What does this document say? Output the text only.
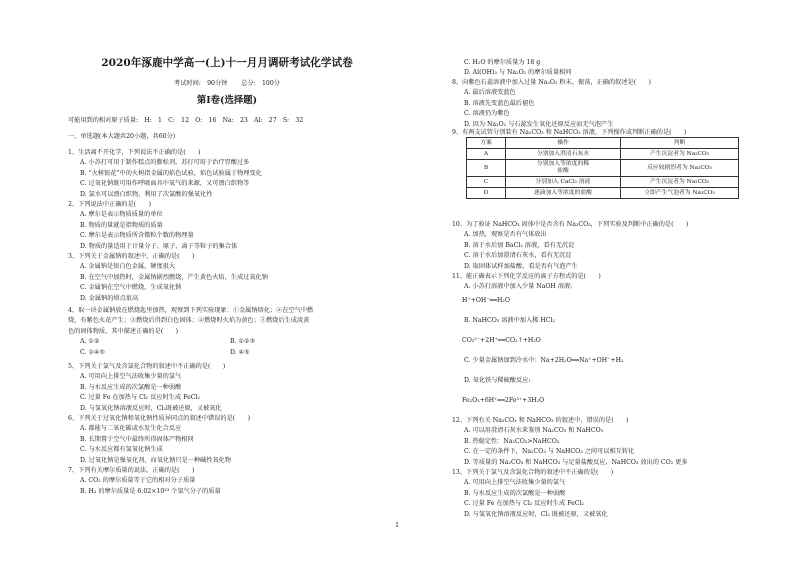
2020年涿鹿中学高一(上)十一月月调研考试化学试卷
考试时间:　90分钟 总分:　100分
第Ⅰ卷(选择题)
可能用到的相对原子质量:　H:　1　C:　12　O:　16　Na:　23　Al:　27　S:　32
一、单选题(本大题共20小题，共60分)
1、生活离不开化学，下列说法不正确的是(　　)
A. 小苏打可用于制作糕点的膨松剂，苏打可用于治疗胃酸过多
B. “火树银花”中的火树指金属的焰色试验，焰色试验属于物理变化
C. 过氧化钠既可用作呼吸面具中氧气的来源，又可漂白织物等
D. 氯水可以漂白织物，利用了次氯酸的强氧化性
2、下列说法中正确的是(　　)
A. 摩尔是表示物质质量的单位
B. 物质的量就是指物质的质量
C. 摩尔是表示物质所含微粒个数的物理量
D. 物质的量适用于计量分子、原子、离子等粒子的集合体
3、下列关于金属钠的叙述中，正确的是(　　)
A. 金属钠是银白色金属，硬度很大
B. 在空气中加热时，金属钠剧烈燃烧，产生黄色火焰，生成过氧化钠
C. 金属钠在空气中燃烧，生成氧化钠
D. 金属钠的熔点很高
4、取一块金属钠放在燃烧匙里加热，观察到下列实验现象：①金属钠熔化；②在空气中燃
烧，有紫色火花产生；③燃烧后得到白色固体；④燃烧时火焰为黄色；⑤燃烧后生成淡黄
色的固体物质，其中描述正确的是(　　)
A. ①②	B. ①②③
C. ①④⑤	D. ④⑤
5、下列关于氯气及含氯化合物的叙述中不正确的是(　　)
A. 可用向上排空气法收集少量的氯气
B. 与水反应生成的次氯酸是一种弱酸
C. 过量 Fe 在加热与 Cl₂ 反应时生成 FeCl₂
D. 与氢氧化钠溶液反应时，Cl₂既被还原，又被氧化
6、下列关于过氧化钠和氧化钠性质异同点的叙述中错误的是(　　)
A. 都能与二氧化碳或水发生化合反应
B. 长期置于空气中最终所得固体产物相同
C. 与水反应都有氢氧化钠生成
D. 过氧化钠是强氧化剂，而氧化钠只是一种碱性氧化物
7、下列有关摩尔质量的说法，正确的是(　　)
A. CO₂ 的摩尔质量等于它的相对分子质量
B. H₂ 的摩尔质量是 6.02×10²³ 个氢气分子的质量
C. H₂O 的摩尔质量为 18 g
D. Al(OH)₃ 与 Na₂O₂ 的摩尔质量相同
8、向紫色石蕊溶液中加入过量 Na₂O₂ 粉末，振荡，正确的叙述是(　　)
A. 最后溶液变蓝色
B. 溶液先变蓝色最后褪色
C. 溶液仍为紫色
D. 因为 Na₂O₂ 与石蕊发生氧化还原反应而无气泡产生
9、有两支试管分别装有 Na₂CO₃ 和 NaHCO₃ 溶液，下列操作或判断正确的是(　　)
方案	操作	判断
A	分别加入澄清石灰水	产生沉淀者为 Na₂CO₃
B	分别加入等浓度的稀盐酸	反应较剧烈者为 Na₂CO₃
C	分别加入 CaCl₂ 溶液	产生沉淀者为 Na₂CO₃
D	逐滴加入等浓度的盐酸	立即产生气泡者为 Na₂CO₃
10、为了验证 NaHCO₃ 固体中是否含有 Na₂CO₃，下列实验及判断中正确的是(　　)
A. 加热，观察是否有气体放出
B. 溶于水后加 BaCl₂ 溶液，看有无沉淀
C. 溶于水后加澄清石灰水，看有无沉淀
D. 取固体试样加盐酸，看是否有气泡产生
11、能正确表示下列化学反应的离子方程式的是(　　)
A. 小苏打溶液中加入少量 NaOH 溶液:
H⁺+OH⁻══H₂O
B. NaHCO₃ 溶液中加入稀 HCl₂
CO₃²⁻+2H⁺══CO₂↑+H₂O
C. 少量金属钠加到冷水中：Na+2H₂O══Na⁺+OH⁻+H₂
D. 氧化铁与稀硫酸反应:
Fe₂O₃+6H⁺══2Fe³⁺+3H₂O
12、下列有关 Na₂CO₃ 和 NaHCO₃ 的叙述中，错误的是(　　)
A. 可以用澄清石灰水来鉴别 Na₂CO₃ 和 NaHCO₃
B. 热稳定性：Na₂CO₃>NaHCO₃
C. 在一定的条件下，Na₂CO₃ 与 NaHCO₃ 之间可以相互转化
D. 等质量的 Na₂CO₃ 和 NaHCO₃ 与足量盐酸反应，NaHCO₃ 放出的 CO₂ 更多
13、下列关于氯气及含氯化合物的叙述中不正确的是(　　)
A. 可用向上排空气法收集少量的氯气
B. 与水反应生成的次氯酸是一种弱酸
C. 过量 Fe 在加热与 Cl₂ 反应时生成 FeCl₂
D. 与氢氧化钠溶液反应时，Cl₂ 既被还原，又被氧化
1
